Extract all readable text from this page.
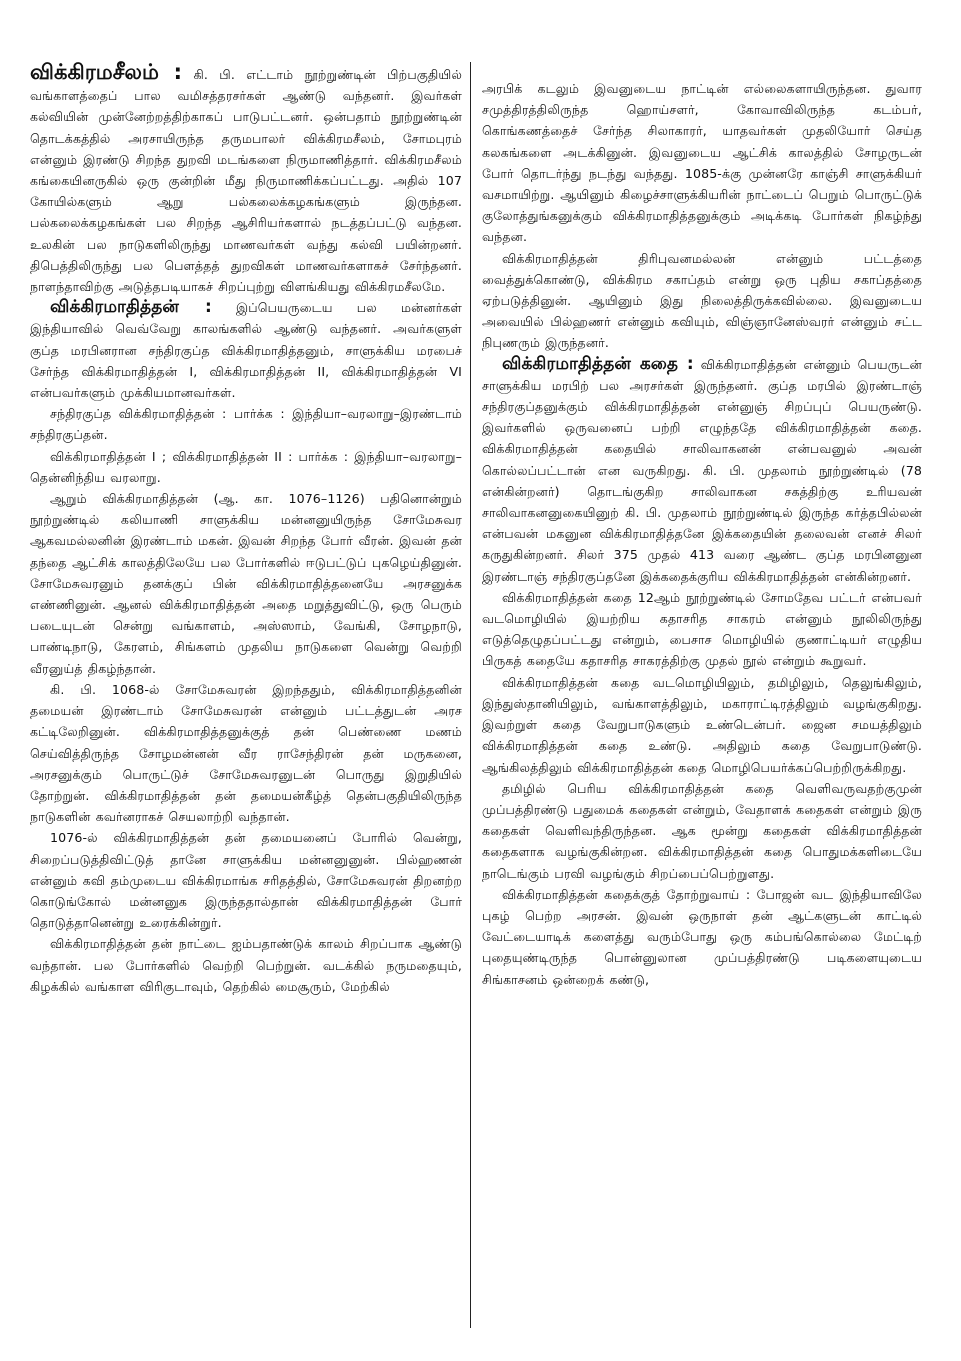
விக்கிரமசீலம் : கி. பி. எட்டாம் நூற்றுண்டின் பிற்பகுதியில் வங்காளத்தைப் பால வமிசத்தரசர்கள் ஆண்டு வந்தனர். இவர்கள் கல்வியின் முன்னேற்றத்திற்காகப் பாடுபட்டனர். ஒன்பதாம் நூற்றுண்டின் தொடக்கத்தில் அரசாயிருந்த தருமபாலர் விக்கிரமசீலம், சோமபுரம் என்னும் இரண்டு சிறந்த துறவி மடங்களை நிருமாணித்தார். விக்கிரமசீலம் கங்கையினருகில் ஒரு குன்றின் மீது நிருமாணிக்கப்பட்டது. அதில் 107 கோயில்களும் ஆறு பல்கலைக்கழகங்களும் இருந்தன. பல்கலைக்கழகங்கள் பல சிறந்த ஆசிரியர்களால் நடத்தப்பட்டு வந்தன. உலகின் பல நாடுகளிலிருந்து மாணவர்கள் வந்து கல்வி பயின்றனர். திபெத்திலிருந்து பல பௌத்தத் துறவிகள் மாணவர்களாகச் சேர்ந்தனர். நாளந்தாவிற்கு அடுத்தபடியாகச் சிறப்புற்று விளங்கியது விக்கிரமசீலமே.

விக்கிரமாதித்தன் : இப்பெயருடைய பல மன்னர்கள் இந்தியாவில் வெவ்வேறு காலங்களில் ஆண்டு வந்தனர். அவர்களுள் குப்த மரபினரான சந்திரகுப்த விக்கிரமாதித்தனும், சாளுக்கிய மரபைச் சேர்ந்த விக்கிரமாதித்தன் I, விக்கிரமாதித்தன் II, விக்கிரமாதித்தன் VI என்பவர்களும் முக்கியமானவர்கள்.

சந்திரகுப்த விக்கிரமாதித்தன் : பார்க்க : இந்தியா–வரலாறு–இரண்டாம் சந்திரகுப்தன்.

விக்கிரமாதித்தன் I ; விக்கிரமாதித்தன் II : பார்க்க : இந்தியா–வரலாறு–தென்னிந்திய வரலாறு.

ஆறும் விக்கிரமாதித்தன் (ஆ. கா. 1076–1126) பதினொன்றும் நூற்றுண்டில் கலியாணி சாளுக்கிய மன்னனுயிருந்த சோமேசுவர ஆகவமல்லனின் இரண்டாம் மகன். இவன் சிறந்த போர் வீரன். இவன் தன் தந்தை ஆட்சிக் காலத்திலேயே பல போர்களில் ஈடுபட்டுப் புகழெய்தினுன். சோமேசுவரனும் தனக்குப் பின் விக்கிரமாதித்தனையே அரசனுக்க எண்ணினுன். ஆனல் விக்கிரமாதித்தன் அதை மறுத்துவிட்டு, ஒரு பெரும் படையுடன் சென்று வங்காளம், அஸ்ஸாம், வேங்கி, சோழநாடு, பாண்டிநாடு, கேரளம், சிங்களம் முதலிய நாடுகளை வென்று வெற்றி வீரனுய்த் திகழ்ந்தான்.

கி. பி. 1068-ல் சோமேசுவரன் இறந்ததும், விக்கிரமாதித்தனின் தமையன் இரண்டாம் சோமேசுவரன் என்னும் பட்டத்துடன் அரச கட்டிலேறினுன். விக்கிரமாதித்தனுக்குத் தன் பெண்ணை மணம் செய்வித்திருந்த சோழமன்னன் வீர ராசேந்திரன் தன் மருகனை, அரசனுக்கும் பொருட்டுச் சோமேசுவரனுடன் பொருது இறுதியில் தோற்றுன். விக்கிரமாதித்தன் தன் தமையன்கீழ்த் தென்பகுதியிலிருந்த நாடுகளின் கவர்னராகச் செயலாற்றி வந்தான்.

1076-ல் விக்கிரமாதித்தன் தன் தமையனைப் போரில் வென்று, சிறைப்படுத்திவிட்டுத் தானே சாளுக்கிய மன்னனுனுன். பில்ஹணன் என்னும் கவி தம்முடைய விக்கிரமாங்க சரிதத்தில், சோமேசுவரன் திறனற்ற கொடுங்கோல் மன்னனுக இருந்ததால்தான் விக்கிரமாதித்தன் போர் தொடுத்தானென்று உரைக்கின்றுர்.

விக்கிரமாதித்தன் தன் நாட்டை ஐம்பதாண்டுக் காலம் சிறப்பாக ஆண்டு வந்தான். பல போர்களில் வெற்றி பெற்றுன். வடக்கில் நருமதையும், கிழக்கில் வங்காள விரிகுடாவும், தெற்கில் மைசூரும், மேற்கில்

அரபிக் கடலும் இவனுடைய நாட்டின் எல்லைகளாயிருந்தன. துவார சமுத்திரத்திலிருந்த ஹொய்சளர், கோவாவிலிருந்த கடம்பர், கொங்கணத்தைச் சேர்ந்த சிலாகாரர், யாதவர்கள் முதலியோர் செய்த கலகங்களை அடக்கினுன். இவனுடைய ஆட்சிக் காலத்தில் சோழருடன் போர் தொடர்ந்து நடந்து வந்தது. 1085-க்கு முன்னரே காஞ்சி சாளுக்கியர் வசமாயிற்று. ஆயினும் கிழைச்சாளுக்கியரின் நாட்டைப் பெறும் பொருட்டுக் குலோத்துங்கனுக்கும் விக்கிரமாதித்தனுக்கும் அடிக்கடி போர்கள் நிகழ்ந்து வந்தன.

விக்கிரமாதித்தன் திரிபுவனமல்லன் என்னும் பட்டத்தை வைத்துக்கொண்டு, விக்கிரம சகாப்தம் என்று ஒரு புதிய சகாப்தத்தை ஏற்படுத்தினுன். ஆயினும் இது நிலைத்திருக்கவில்லை. இவனுடைய அவையில் பில்ஹணர் என்னும் கவியும், விஞ்ஞானேஸ்வரர் என்னும் சட்ட நிபுணரும் இருந்தனர்.

விக்கிரமாதித்தன் கதை : விக்கிரமாதித்தன் என்னும் பெயருடன் சாளுக்கிய மரபிற் பல அரசர்கள் இருந்தனர். குப்த மரபில் இரண்டாஞ் சந்திரகுப்தனுக்கும் விக்கிரமாதித்தன் என்னுஞ் சிறப்புப் பெயருண்டு. இவர்களில் ஒருவனைப் பற்றி எழுந்ததே விக்கிரமாதித்தன் கதை. விக்கிரமாதித்தன் கதையில் சாலிவாகனன் என்பவனுல் அவன் கொல்லப்பட்டான் என வருகிறது. கி. பி. முதலாம் நூற்றுண்டில் (78 என்கின்றனர்) தொடங்குகிற சாலிவாகன சகத்திற்கு உரியவன் சாலிவாகனனுகையினுற் கி. பி. முதலாம் நூற்றுண்டில் இருந்த கர்த்தபில்லன் என்பவன் மகனுன விக்கிரமாதித்தனே இக்கதையின் தலைவன் எனச் சிலர் கருதுகின்றனர். சிலர் 375 முதல் 413 வரை ஆண்ட குப்த மரபினனுன இரண்டாஞ் சந்திரகுப்தனே இக்கதைக்குரிய விக்கிரமாதித்தன் என்கின்றனர்.

விக்கிரமாதித்தன் கதை 12ஆம் நூற்றுண்டில் சோமதேவ பட்டர் என்பவர் வடமொழியில் இயற்றிய கதாசரித சாகரம் என்னும் நூலிலிருந்து எடுத்தெழுதப்பட்டது என்றும், பைசாச மொழியில் குணாட்டியர் எழுதிய பிருகத் கதையே கதாசரித சாகரத்திற்கு முதல் நூல் என்றும் கூறுவர்.

விக்கிரமாதித்தன் கதை வடமொழியிலும், தமிழிலும், தெலுங்கிலும், இந்துஸ்தானியிலும், வங்காளத்திலும், மகாராட்டிரத்திலும் வழங்குகிறது. இவற்றுள் கதை வேறுபாடுகளும் உண்டென்பர். ஜைன சமயத்திலும் விக்கிரமாதித்தன் கதை உண்டு. அதிலும் கதை வேறுபாடுண்டு. ஆங்கிலத்திலும் விக்கிரமாதித்தன் கதை மொழிபெயர்க்கப்பெற்றிருக்கிறது.

தமிழில் பெரிய விக்கிரமாதித்தன் கதை வெளிவருவதற்குமுன் முப்பத்திரண்டு பதுமைக் கதைகள் என்றும், வேதாளக் கதைகள் என்றும் இரு கதைகள் வெளிவந்திருந்தன. ஆக மூன்று கதைகள் விக்கிரமாதித்தன் கதைகளாக வழங்குகின்றன. விக்கிரமாதித்தன் கதை பொதுமக்களிடையே நாடெங்கும் பரவி வழங்கும் சிறப்பைப்பெற்றுளது.

விக்கிரமாதித்தன் கதைக்குத் தோற்றுவாய் : போஜன் வட இந்தியாவிலே புகழ் பெற்ற அரசன். இவன் ஒருநாள் தன் ஆட்களுடன் காட்டில் வேட்டையாடிக் களைத்து வரும்போது ஒரு கம்பங்கொல்லை மேட்டிற் புதையுண்டிருந்த பொன்னுலான முப்பத்திரண்டு படிகளையுடைய சிங்காசனம் ஒன்றைக் கண்டு,
